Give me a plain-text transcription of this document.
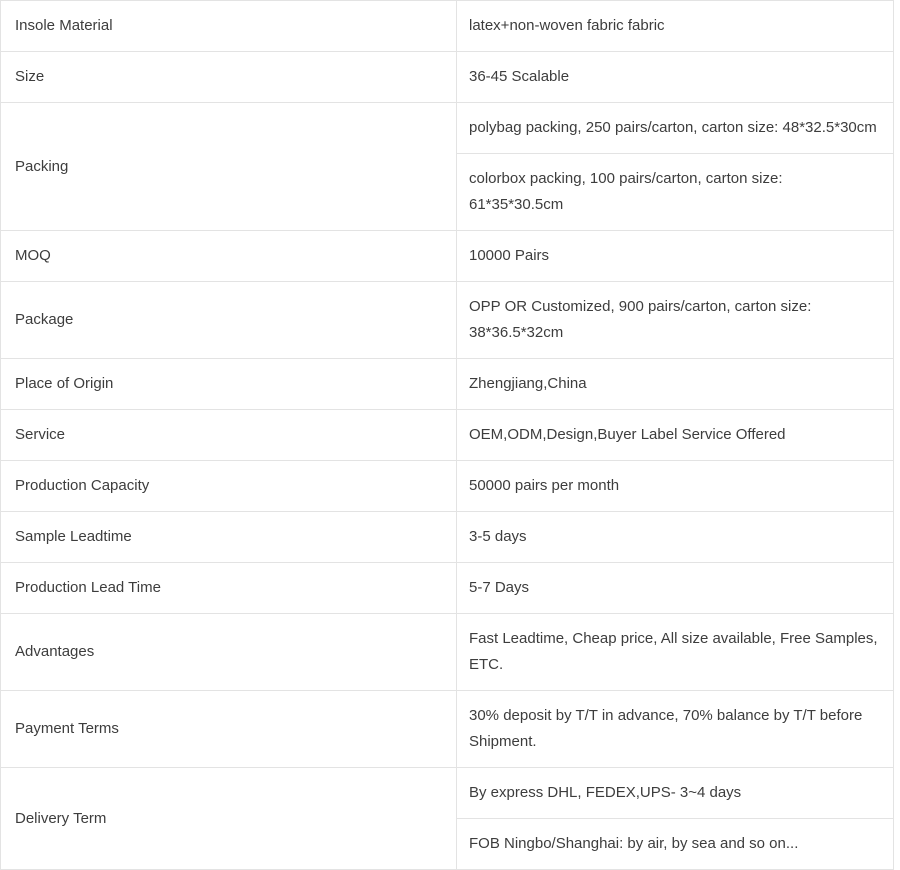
Insole Material
		latex+non-woven fabric fabric

Size
		36-45 Scalable

Packing

polybag packing, 250 pairs/carton, carton size: 48*32.5*30cm
colorbox packing, 100 pairs/carton, carton size: 61*35*30.5cm

MOQ
		10000 Pairs

Package

OPP OR Customized, 900 pairs/carton, carton size: 38*36.5*32cm

Place of Origin
		Zhengjiang,China

Service
		OEM,ODM,Design,Buyer Label Service Offered

Production Capacity
		50000 pairs per month

Sample Leadtime
		3-5 days

Production Lead Time
		5-7 Days

Advantages

Fast Leadtime, Cheap price, All size available, Free Samples, ETC.

Payment Terms

30% deposit by T/T in advance, 70% balance by T/T before Shipment.

Delivery Term

By express DHL, FEDEX,UPS- 3~4 days
FOB Ningbo/Shanghai: by air, by sea and so on...
